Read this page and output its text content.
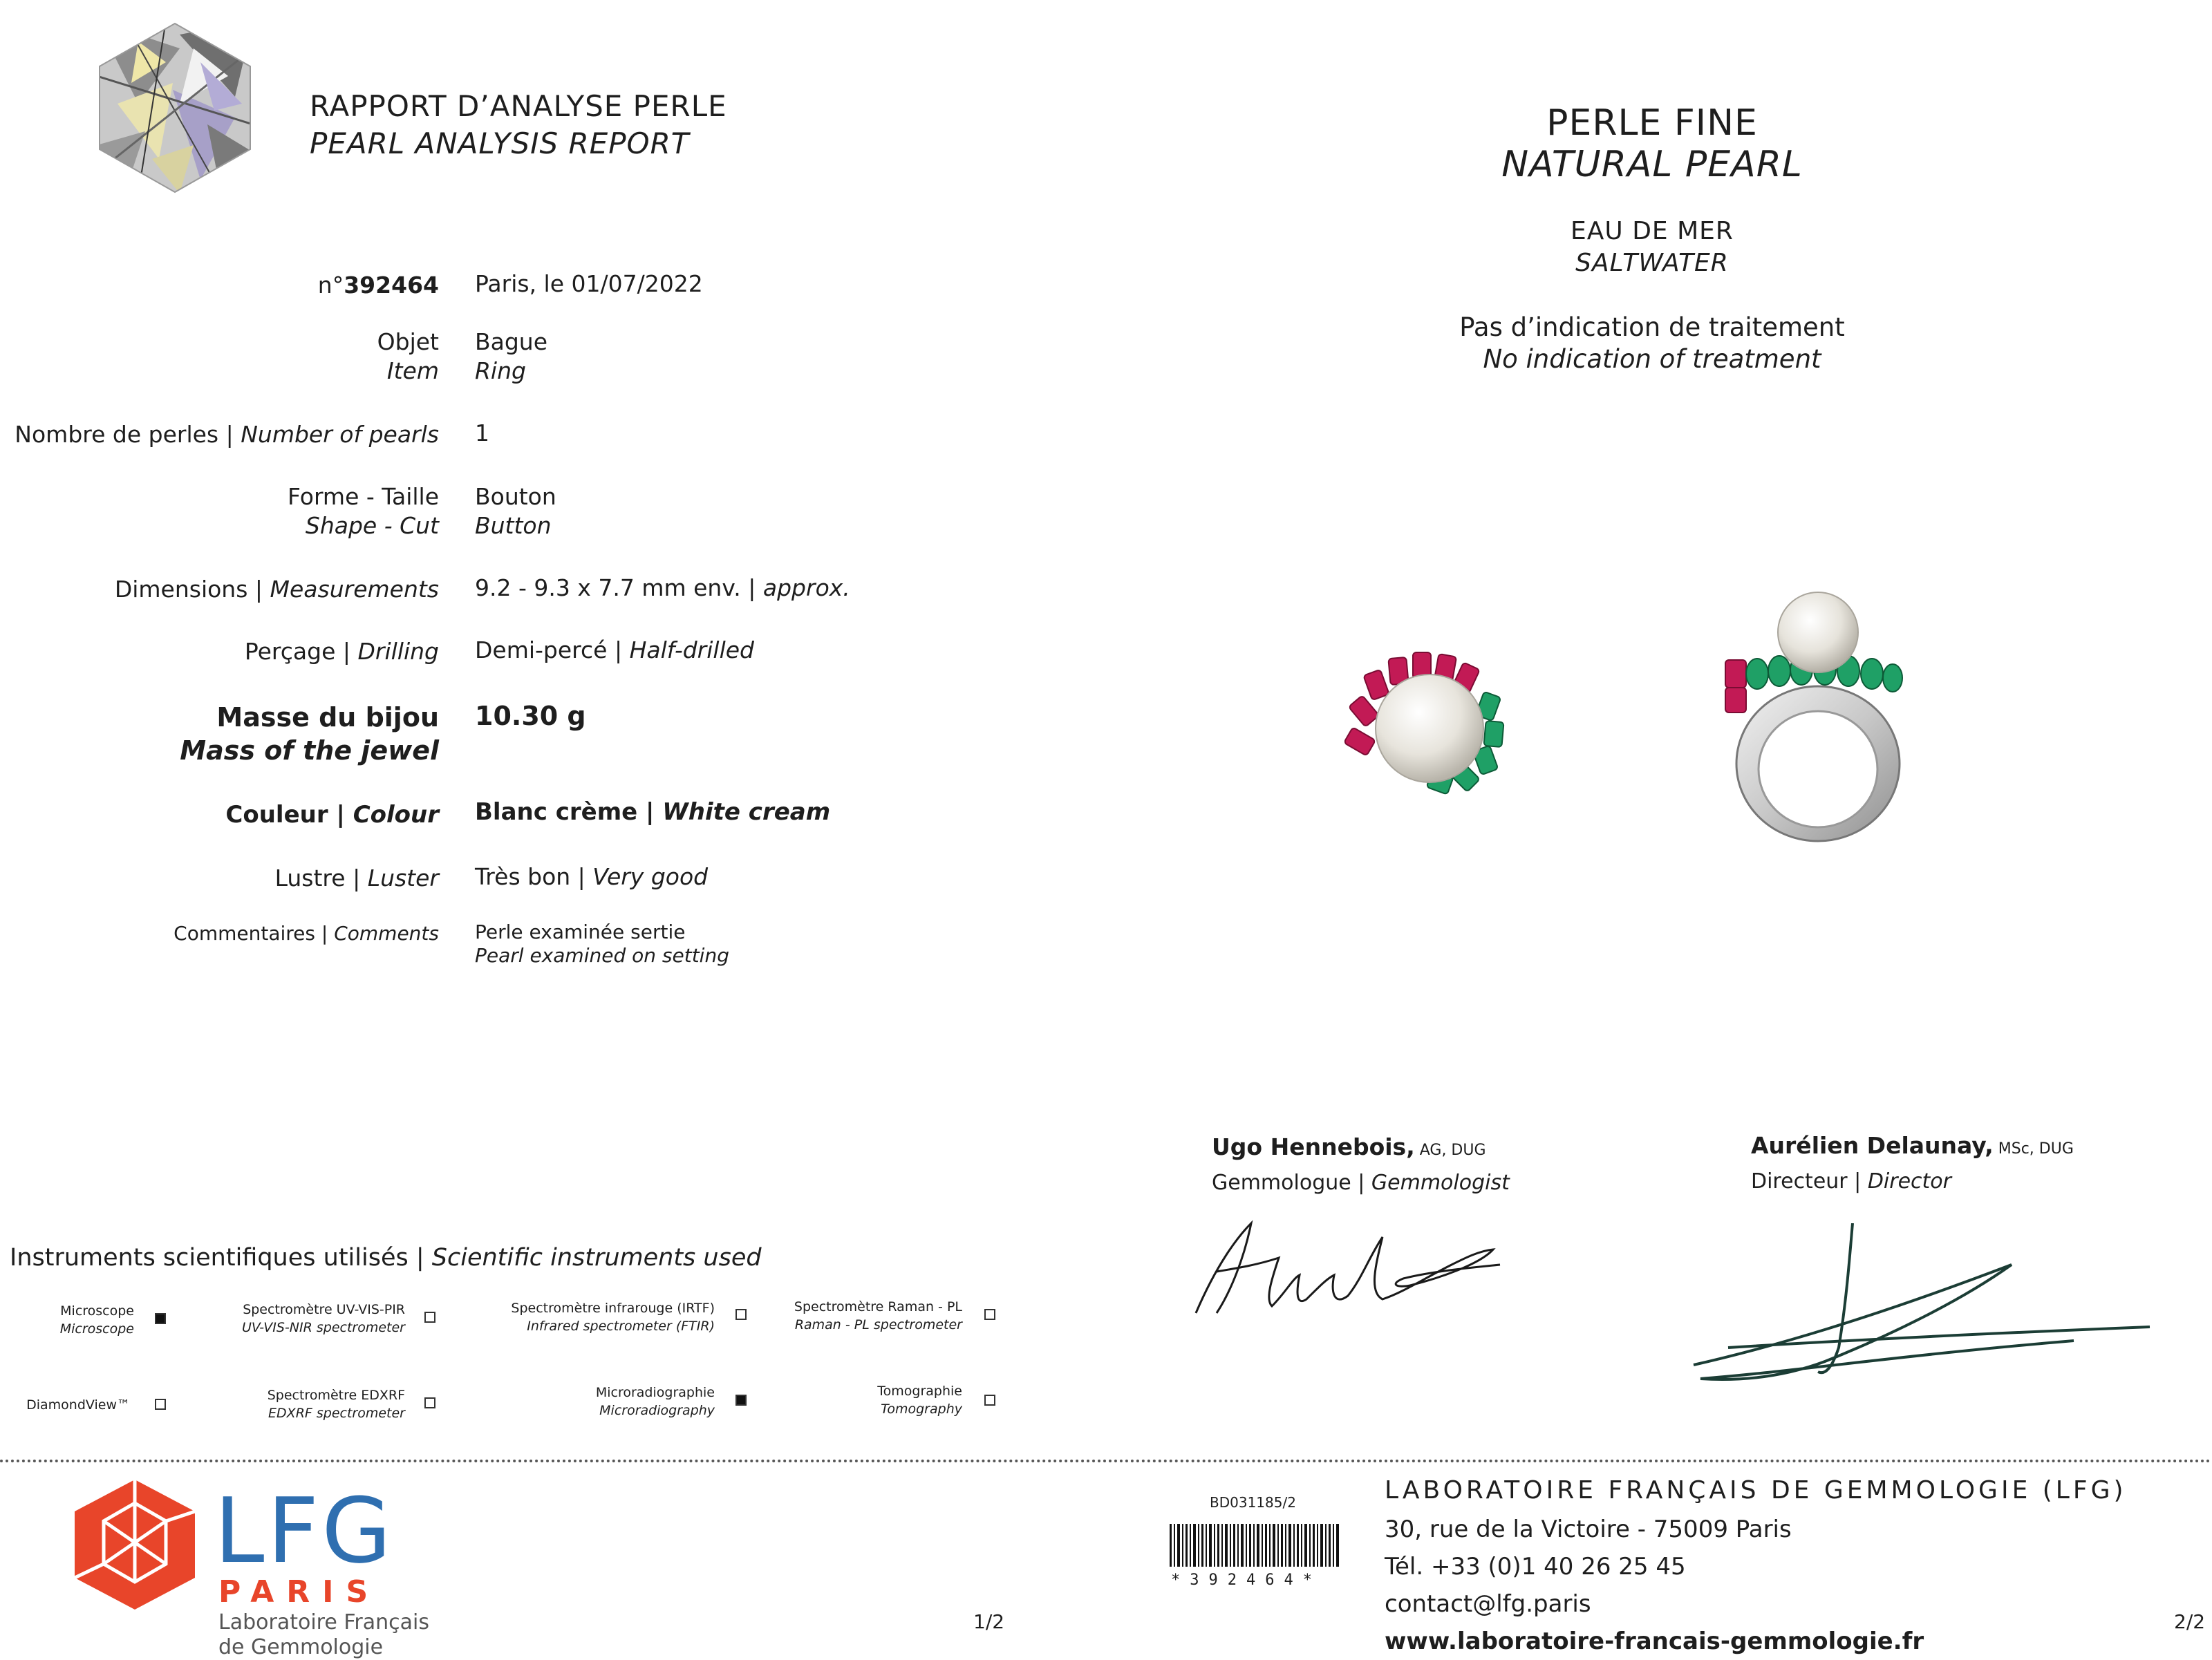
RAPPORT D’ANALYSE PERLE
PEARL ANALYSIS REPORT
n°392464 Paris, le 01/07/2022
Objet
Item
Bague
Ring
Nombre de perles | Number of pearls 1
Forme - Taille
Shape - Cut
Bouton
Button
Dimensions | Measurements 9.2 - 9.3 x 7.7 mm env. | approx.
Perçage | Drilling Demi-percé | Half-drilled
Masse du bijou
Mass of the jewel
10.30 g
Couleur | Colour Blanc crème | White cream
Lustre | Luster Très bon | Very good
Commentaires | Comments Perle examinée sertie
Pearl examined on setting
Instruments scientifiques utilisés | Scientific instruments used
Microscope
Microscope
Spectromètre UV-VIS-PIR
UV-VIS-NIR spectrometer
Spectromètre infrarouge (IRTF)
Infrared spectrometer (FTIR)
Spectromètre Raman - PL
Raman - PL spectrometer
DiamondView™
Spectromètre EDXRF
EDXRF spectrometer
Microradiographie
Microradiography
Tomographie
Tomography
PERLE FINE
NATURAL PEARL
EAU DE MER
SALTWATER
Pas d’indication de traitement
No indication of treatment
Ugo Hennebois, AG, DUG
Gemmologue | Gemmologist
Aurélien Delaunay, MSc, DUG
Directeur | Director
LFG
PARIS
Laboratoire Français
de Gemmologie
1/2
BD031185/2
*392464*
LABORATOIRE FRANÇAIS DE GEMMOLOGIE (LFG)
30, rue de la Victoire - 75009 Paris
Tél. +33 (0)1 40 26 25 45
contact@lfg.paris
www.laboratoire-francais-gemmologie.fr
2/2
